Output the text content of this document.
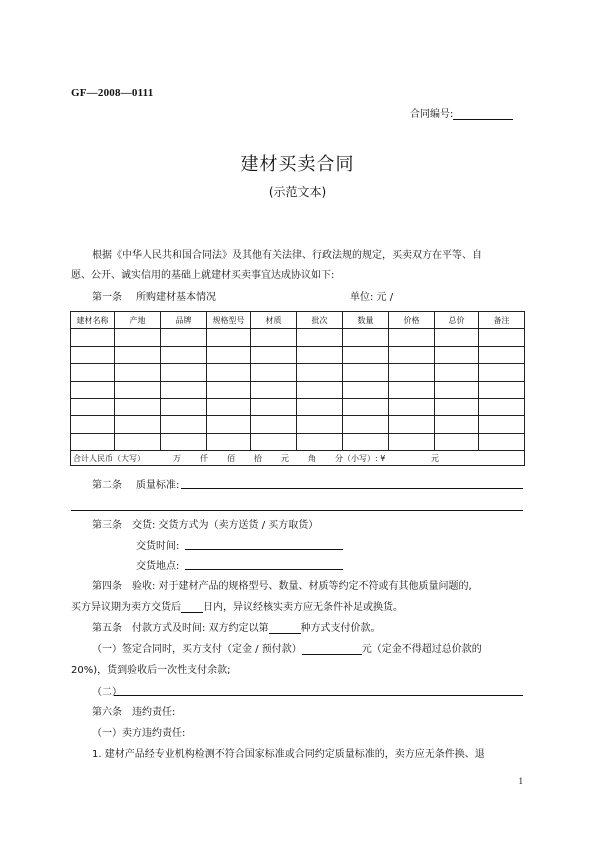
GF—2008—0111
合同编号:
建材买卖合同
(示范文本)
根据《中华人民共和国合同法》及其他有关法律、行政法规的规定，买卖双方在平等、自
愿、公开、诚实信用的基础上就建材买卖事宜达成协议如下:
第一条 所购建材基本情况	单位: 元 /
建材名称	产地	品牌	规格型号	材质	批次	数量	价格	总价	备注

合计人民币（大写） 万 仟 佰 拾 元 角 分（小写）: ¥ 元									
第二条 质量标准:
第三条 交货: 交货方式为（卖方送货 / 买方取货）
交货时间:
交货地点:
第四条　验收: 对于建材产品的规格型号、数量、材质等约定不符或有其他质量问题的,
买方异议期为卖方交货后 日内，异议经核实卖方应无条件补足或换货。
第五条　付款方式及时间: 双方约定以第	种方式支付价款。
（一）签定合同时，买方支付（定金 / 预付款）	元（定金不得超过总价款的
20%)，货到验收后一次性支付余款;
（二）
第六条　违约责任:
（一）卖方违约责任:
1. 建材产品经专业机构检测不符合国家标准或合同约定质量标准的，卖方应无条件换、退
1
